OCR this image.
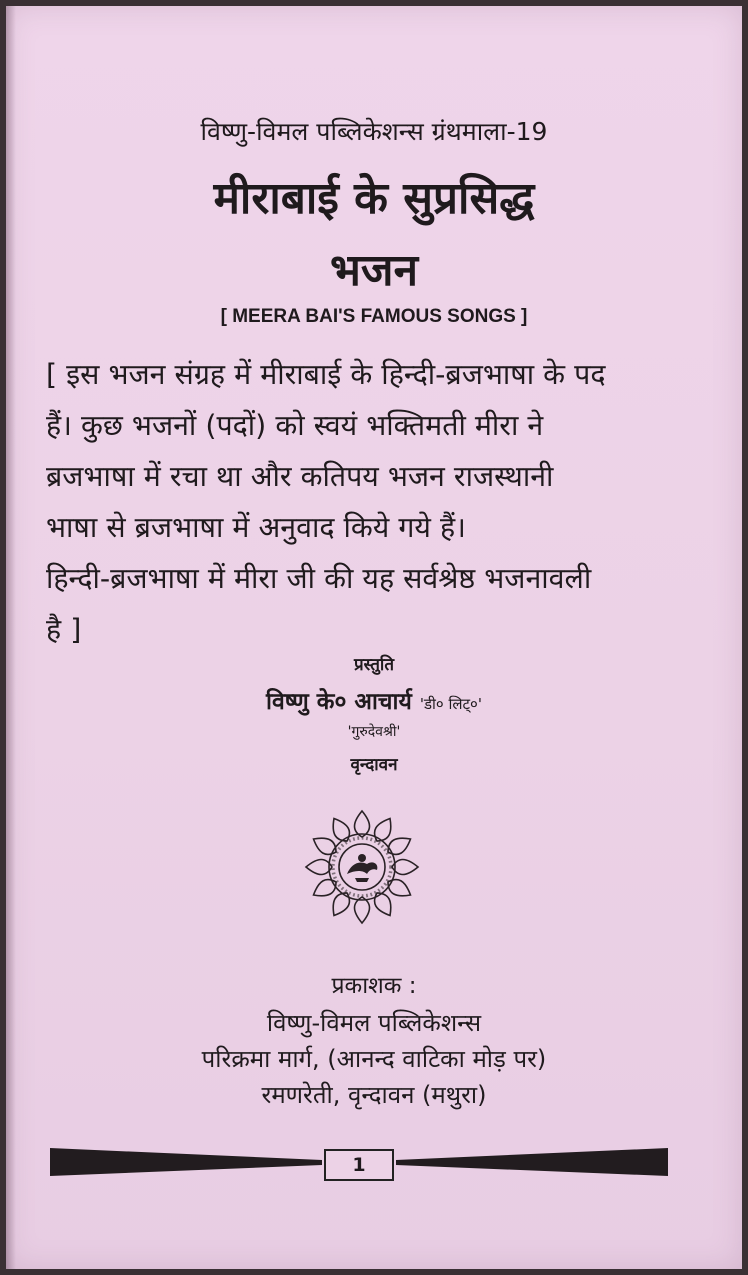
विष्णु-विमल पब्लिकेशन्स ग्रंथमाला-19
मीराबाई के सुप्रसिद्ध
भजन
[ MEERA BAI'S FAMOUS SONGS ]
[ इस भजन संग्रह में मीराबाई के हिन्दी-ब्रजभाषा के पद
हैं। कुछ भजनों (पदों) को स्वयं भक्तिमती मीरा ने
ब्रजभाषा में रचा था और कतिपय भजन राजस्थानी
भाषा से ब्रजभाषा में अनुवाद किये गये हैं।
हिन्दी-ब्रजभाषा में मीरा जी की यह सर्वश्रेष्ठ भजनावली
है ]
प्रस्तुति
विष्णु के० आचार्य 'डी० लिट्०'
'गुरुदेवश्री'
वृन्दावन
प्रकाशक :
विष्णु-विमल पब्लिकेशन्स
परिक्रमा मार्ग, (आनन्द वाटिका मोड़ पर)
रमणरेती, वृन्दावन (मथुरा)
1
